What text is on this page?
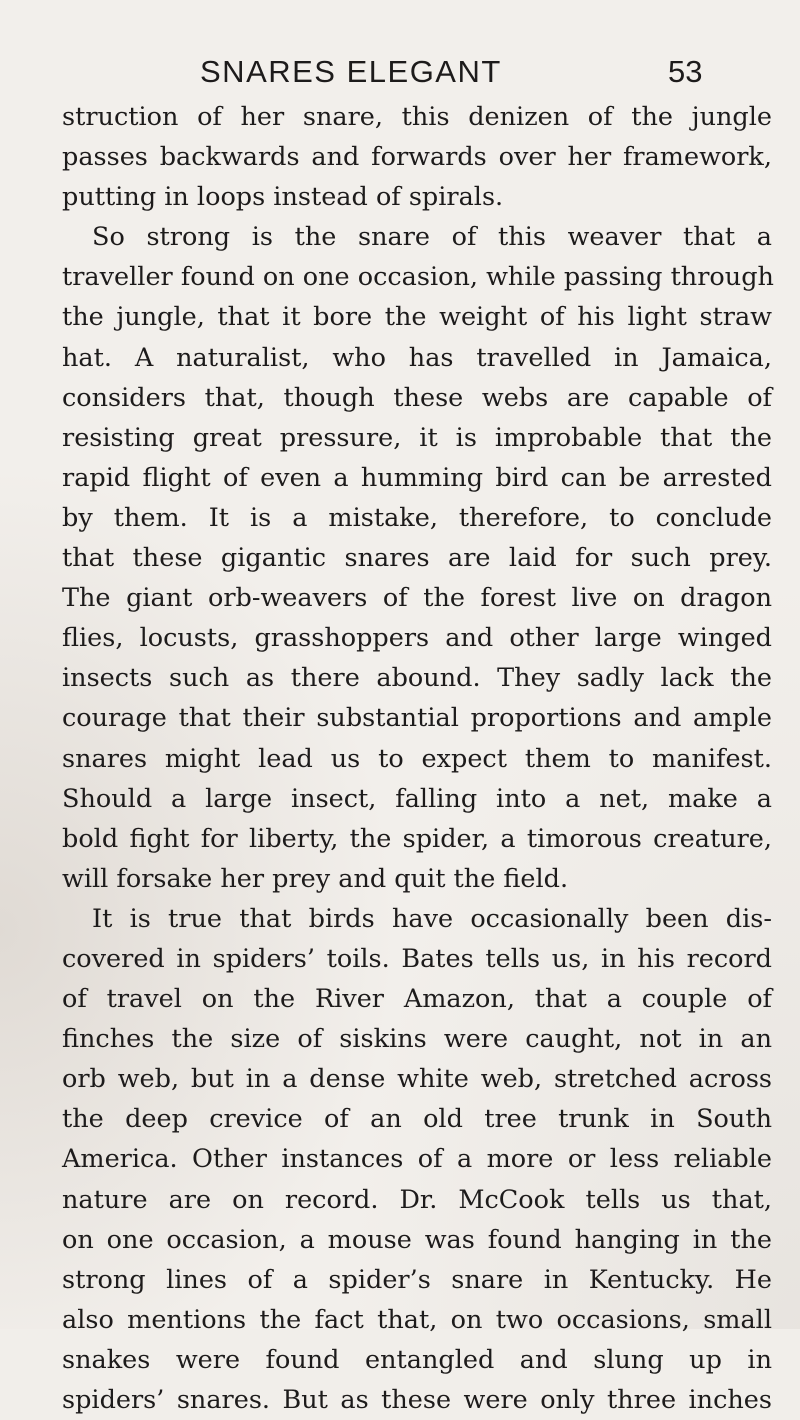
SNARES ELEGANT	53
struction of her snare, this denizen of the jungle
passes backwards and forwards over her framework,
putting in loops instead of spirals.
So strong is the snare of this weaver that a
traveller found on one occasion, while passing through
the jungle, that it bore the weight of his light straw
hat. A naturalist, who has travelled in Jamaica,
considers that, though these webs are capable of
resisting great pressure, it is improbable that the
rapid flight of even a humming bird can be arrested
by them. It is a mistake, therefore, to conclude
that these gigantic snares are laid for such prey.
The giant orb-weavers of the forest live on dragon
flies, locusts, grasshoppers and other large winged
insects such as there abound. They sadly lack the
courage that their substantial proportions and ample
snares might lead us to expect them to manifest.
Should a large insect, falling into a net, make a
bold fight for liberty, the spider, a timorous creature,
will forsake her prey and quit the field.
It is true that birds have occasionally been dis-
covered in spiders’ toils. Bates tells us, in his record
of travel on the River Amazon, that a couple of
finches the size of siskins were caught, not in an
orb web, but in a dense white web, stretched across
the deep crevice of an old tree trunk in South
America. Other instances of a more or less reliable
nature are on record. Dr. McCook tells us that,
on one occasion, a mouse was found hanging in the
strong lines of a spider’s snare in Kentucky. He
also mentions the fact that, on two occasions, small
snakes were found entangled and slung up in
spiders’ snares. But as these were only three inches
